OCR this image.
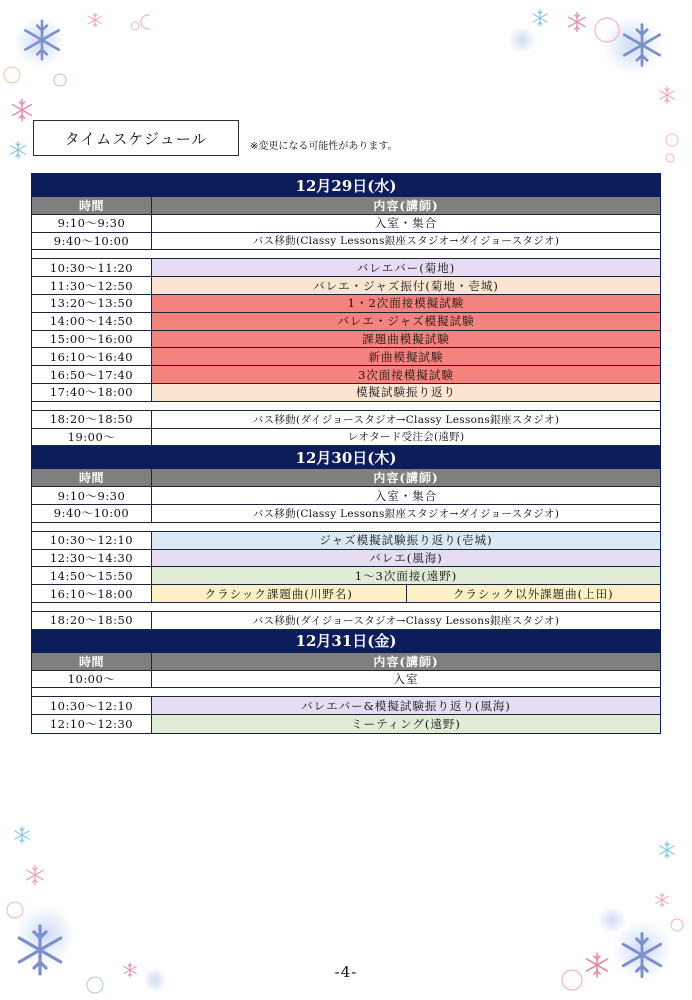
タイムスケジュール	※変更になる可能性があります。
12月29日(水)
時間	内容(講師)
9:10～9:30	入室・集合
9:40～10:00	バス移動(Classy Lessons銀座スタジオ→ダイジョースタジオ)
10:30～11:20	バレエバー(菊地)
11:30～12:50	バレエ・ジャズ振付(菊地・壱城)
13:20～13:50	1・2次面接模擬試験
14:00～14:50	バレエ・ジャズ模擬試験
15:00～16:00	課題曲模擬試験
16:10～16:40	新曲模擬試験
16:50～17:40	3次面接模擬試験
17:40～18:00	模擬試験振り返り
18:20～18:50	バス移動(ダイジョースタジオ→Classy Lessons銀座スタジオ)
19:00～	レオタード受注会(遠野)
12月30日(木)
時間	内容(講師)
9:10～9:30	入室・集合
9:40～10:00	バス移動(Classy Lessons銀座スタジオ→ダイジョースタジオ)
10:30～12:10	ジャズ模擬試験振り返り(壱城)
12:30～14:30	バレエ(風海)
14:50～15:50	1～3次面接(遠野)
16:10～18:00	クラシック課題曲(川野名)	クラシック以外課題曲(上田)
18:20～18:50	バス移動(ダイジョースタジオ→Classy Lessons銀座スタジオ)
12月31日(金)
時間	内容(講師)
10:00～	入室
10:30～12:10	バレエバー&模擬試験振り返り(風海)
12:10～12:30	ミーティング(遠野)
-4-
